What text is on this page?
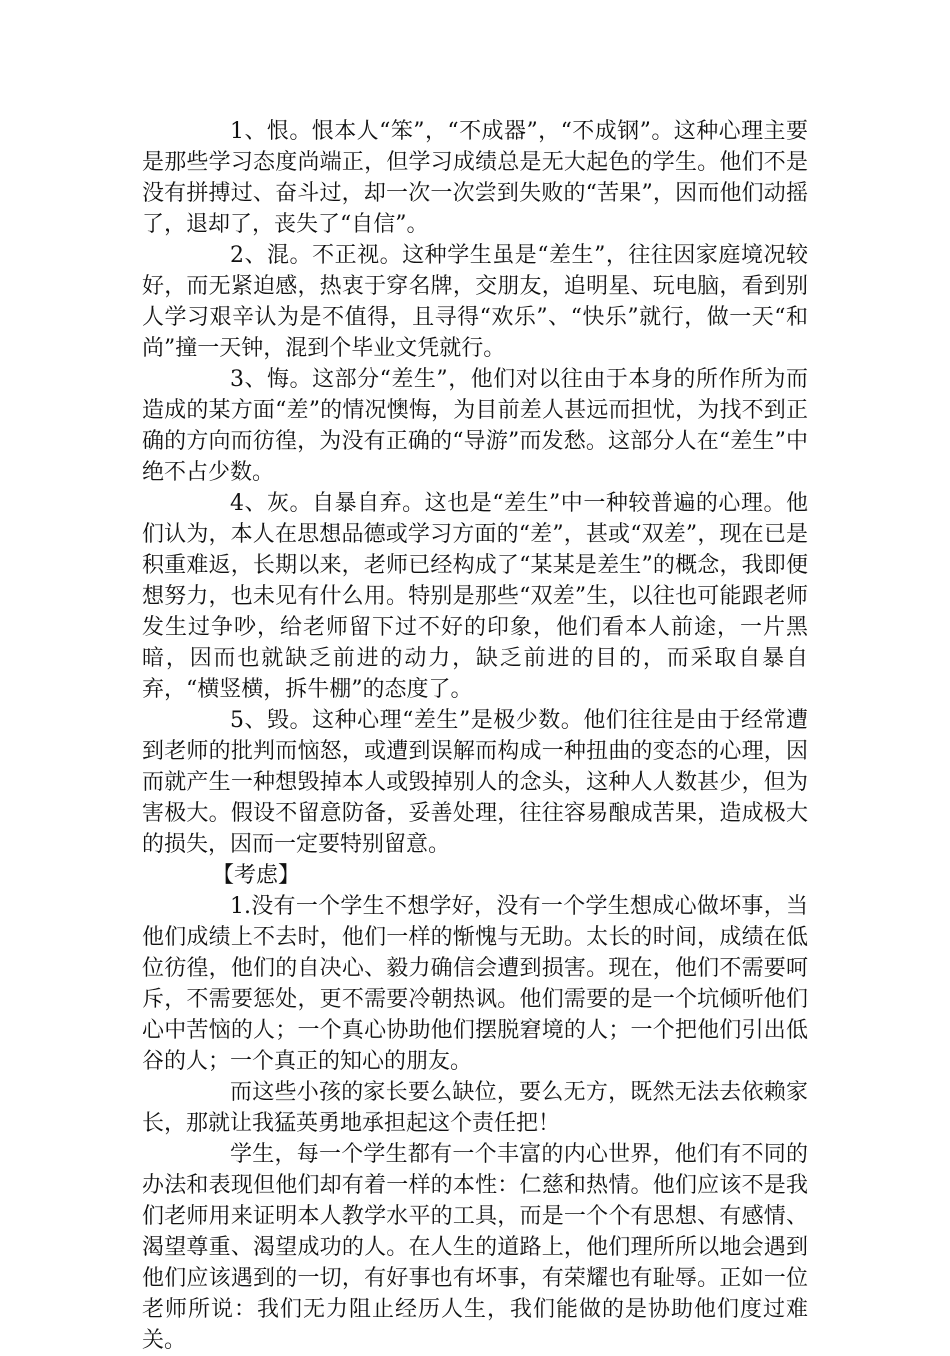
1、恨。恨本人“笨”，“不成器”，“不成钢”。这种心理主要是那些学习态度尚端正，但学习成绩总是无大起色的学生。他们不是没有拼搏过、奋斗过，却一次一次尝到失败的“苦果”，因而他们动摇了，退却了，丧失了“自信”。

2、混。不正视。这种学生虽是“差生”，往往因家庭境况较好，而无紧迫感，热衷于穿名牌，交朋友，追明星、玩电脑，看到别人学习艰辛认为是不值得，且寻得“欢乐”、“快乐”就行，做一天“和尚”撞一天钟，混到个毕业文凭就行。

3、悔。这部分“差生”，他们对以往由于本身的所作所为而造成的某方面“差”的情况懊悔，为目前差人甚远而担忧，为找不到正确的方向而彷徨，为没有正确的“导游”而发愁。这部分人在“差生”中绝不占少数。

4、灰。自暴自弃。这也是“差生”中一种较普遍的心理。他们认为，本人在思想品德或学习方面的“差”，甚或“双差”，现在已是积重难返，长期以来，老师已经构成了“某某是差生”的概念，我即便想努力，也未见有什么用。特别是那些“双差”生，以往也可能跟老师发生过争吵，给老师留下过不好的印象，他们看本人前途，一片黑暗，因而也就缺乏前进的动力，缺乏前进的目的，而采取自暴自弃，“横竖横，拆牛棚”的态度了。

5、毁。这种心理“差生”是极少数。他们往往是由于经常遭到老师的批判而恼怒，或遭到误解而构成一种扭曲的变态的心理，因而就产生一种想毁掉本人或毁掉别人的念头，这种人人数甚少，但为害极大。假设不留意防备，妥善处理，往往容易酿成苦果，造成极大的损失，因而一定要特别留意。

【考虑】

1.没有一个学生不想学好，没有一个学生想成心做坏事，当他们成绩上不去时，他们一样的惭愧与无助。太长的时间，成绩在低位彷徨，他们的自决心、毅力确信会遭到损害。现在，他们不需要呵斥，不需要惩处，更不需要冷朝热讽。他们需要的是一个坑倾听他们心中苦恼的人；一个真心协助他们摆脱窘境的人；一个把他们引出低谷的人；一个真正的知心的朋友。

而这些小孩的家长要么缺位，要么无方，既然无法去依赖家长，那就让我猛英勇地承担起这个责任把！

学生，每一个学生都有一个丰富的内心世界，他们有不同的办法和表现但他们却有着一样的本性：仁慈和热情。他们应该不是我们老师用来证明本人教学水平的工具，而是一个个有思想、有感情、渴望尊重、渴望成功的人。在人生的道路上，他们理所所以地会遇到他们应该遇到的一切，有好事也有坏事，有荣耀也有耻辱。正如一位老师所说：我们无力阻止经历人生，我们能做的是协助他们度过难关。
